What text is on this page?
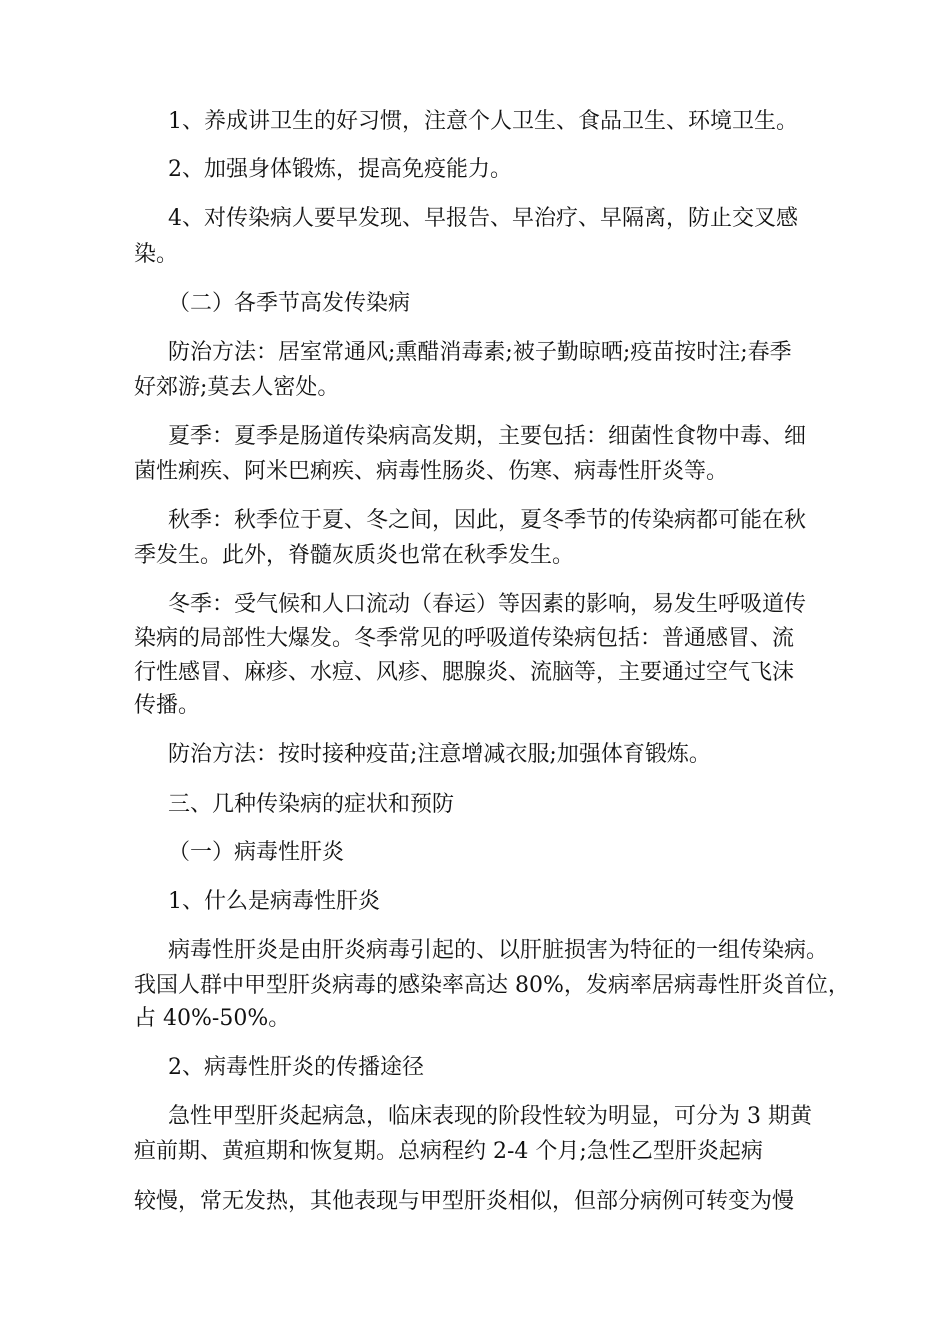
1、养成讲卫生的好习惯，注意个人卫生、食品卫生、环境卫生。

2、加强身体锻炼，提高免疫能力。

4、对传染病人要早发现、早报告、早治疗、早隔离，防止交叉感

染。

（二）各季节高发传染病

防治方法：居室常通风;熏醋消毒素;被子勤晾晒;疫苗按时注;春季

好郊游;莫去人密处。

夏季：夏季是肠道传染病高发期，主要包括：细菌性食物中毒、细

菌性痢疾、阿米巴痢疾、病毒性肠炎、伤寒、病毒性肝炎等。

秋季：秋季位于夏、冬之间，因此，夏冬季节的传染病都可能在秋

季发生。此外，脊髓灰质炎也常在秋季发生。

冬季：受气候和人口流动（春运）等因素的影响，易发生呼吸道传

染病的局部性大爆发。冬季常见的呼吸道传染病包括：普通感冒、流

行性感冒、麻疹、水痘、风疹、腮腺炎、流脑等，主要通过空气飞沫

传播。

防治方法：按时接种疫苗;注意增减衣服;加强体育锻炼。

三、几种传染病的症状和预防

（一）病毒性肝炎

1、什么是病毒性肝炎

病毒性肝炎是由肝炎病毒引起的、以肝脏损害为特征的一组传染病。

我国人群中甲型肝炎病毒的感染率高达 80%，发病率居病毒性肝炎首位，

占 40%-50%。

2、病毒性肝炎的传播途径

急性甲型肝炎起病急，临床表现的阶段性较为明显，可分为 3 期黄

疸前期、黄疸期和恢复期。总病程约 2-4 个月;急性乙型肝炎起病

较慢，常无发热，其他表现与甲型肝炎相似，但部分病例可转变为慢
